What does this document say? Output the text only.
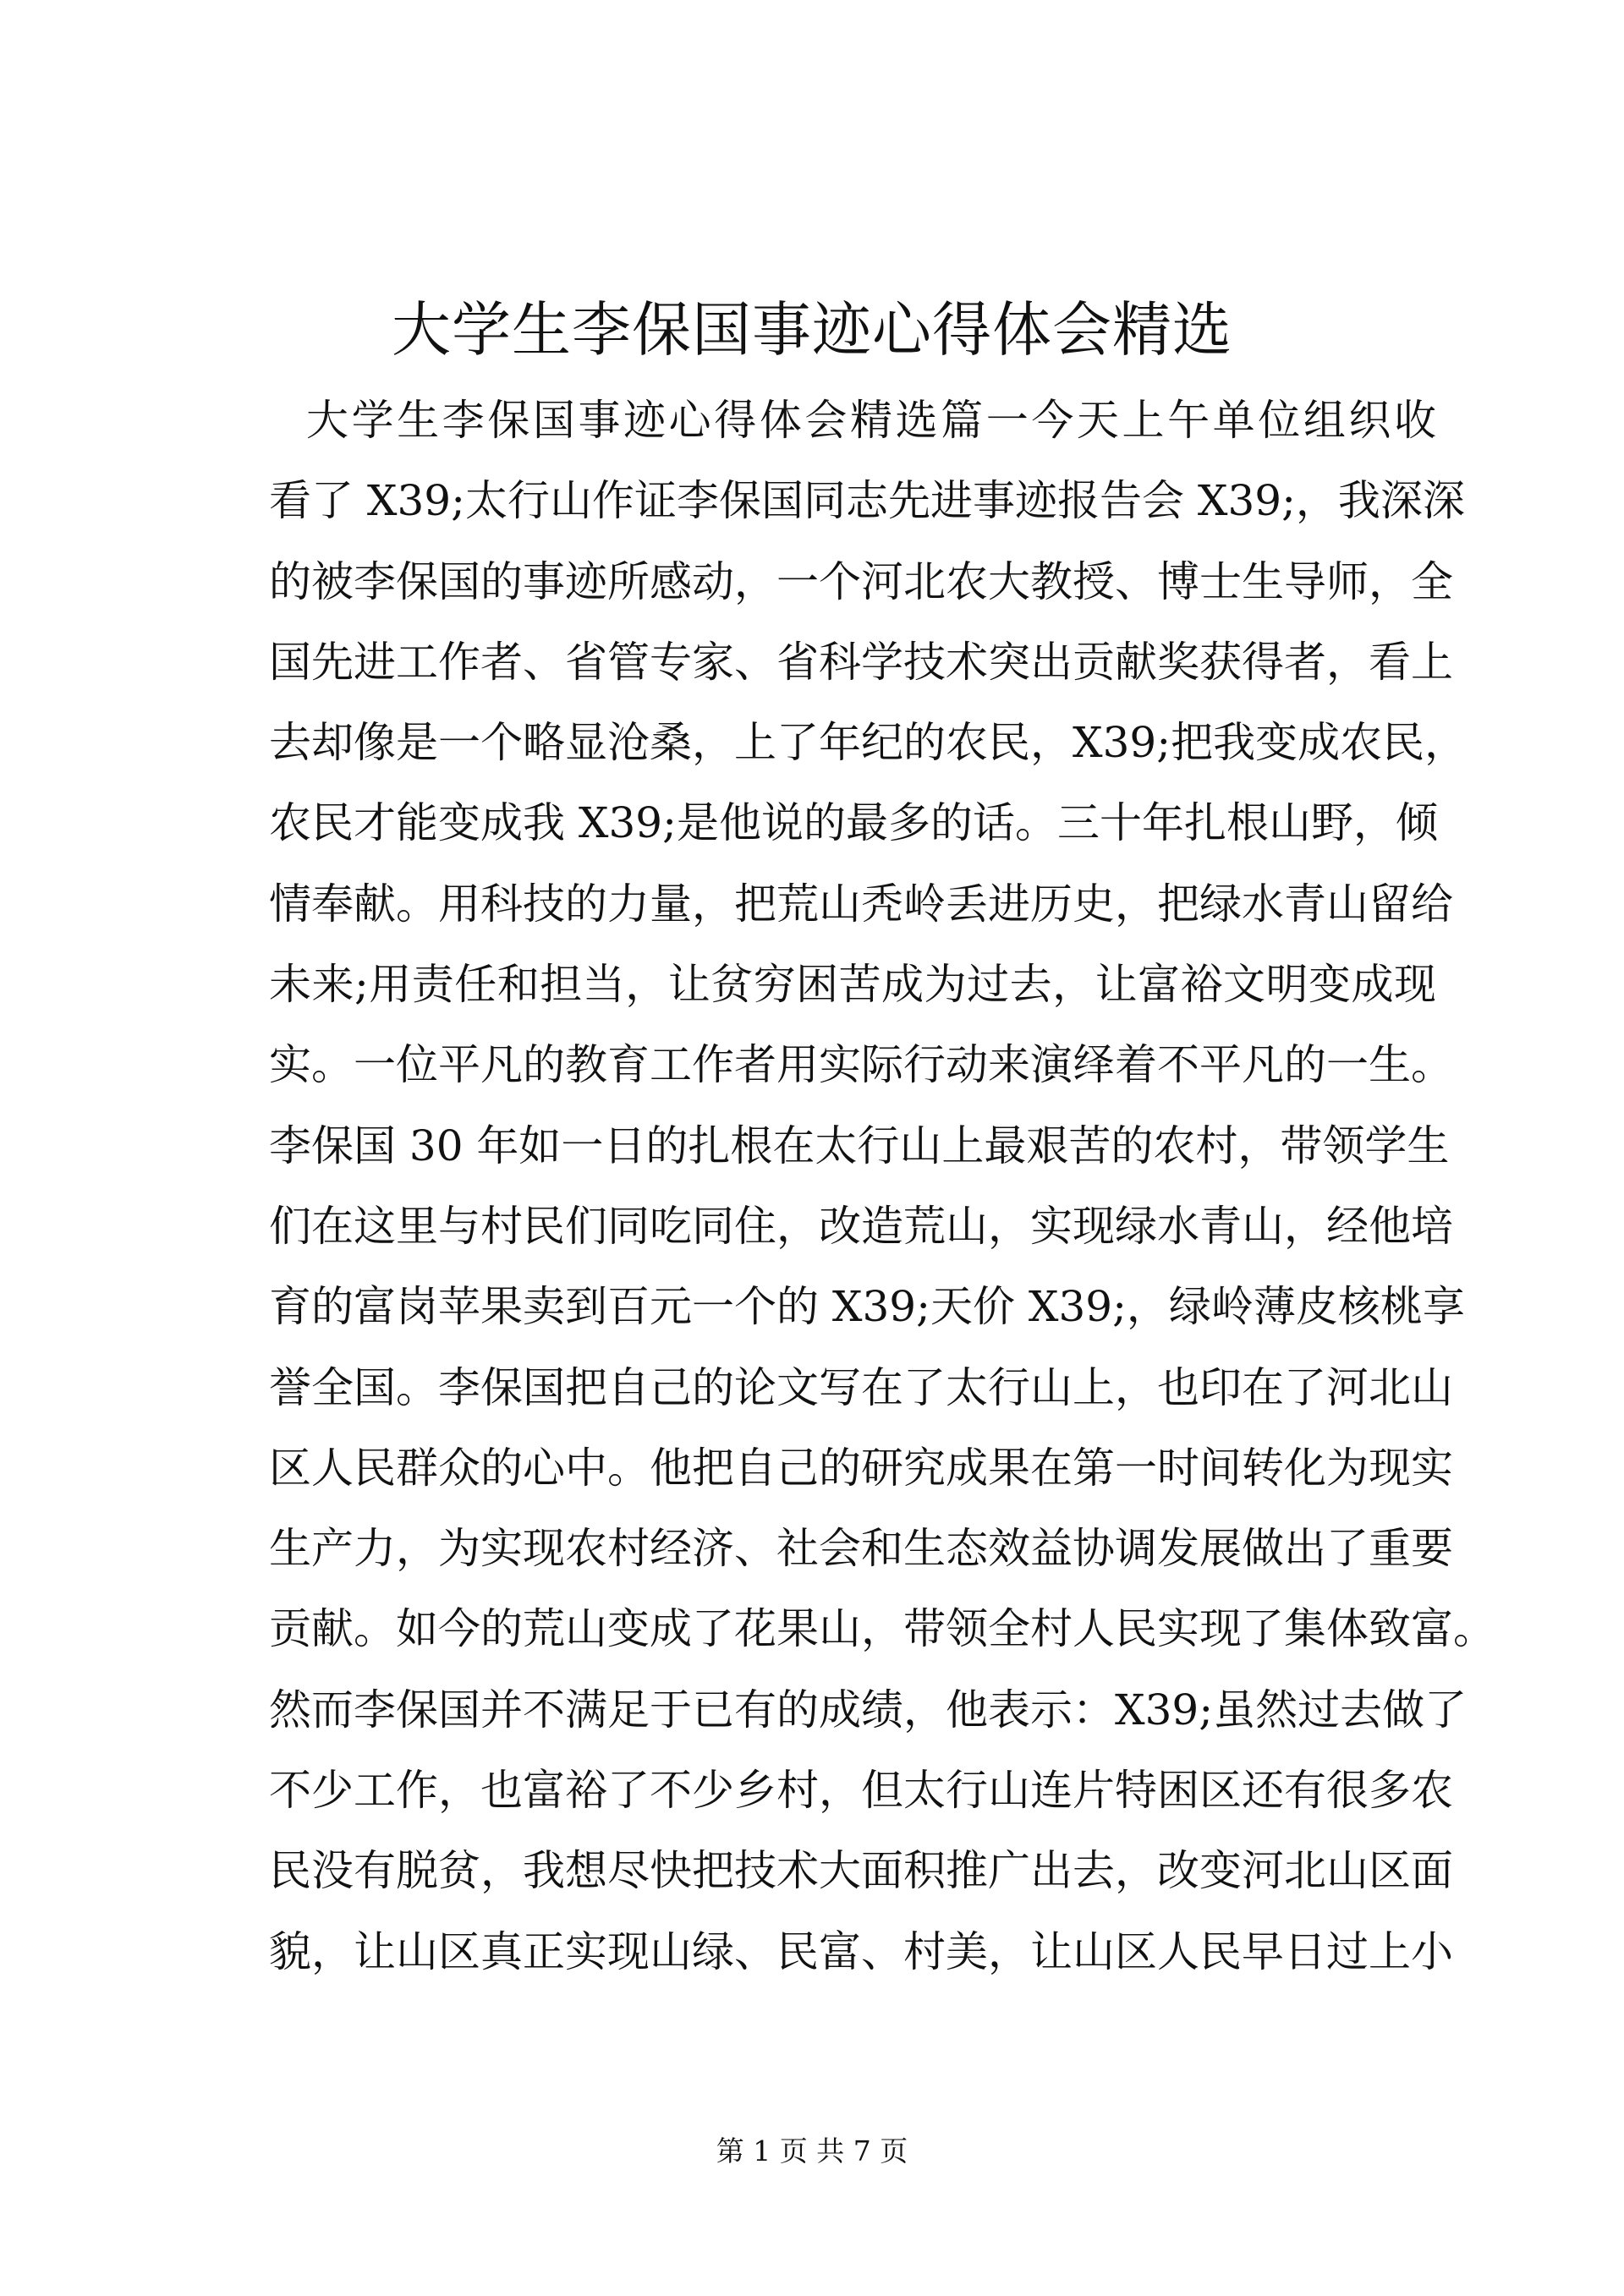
大学生李保国事迹心得体会精选
大学生李保国事迹心得体会精选篇一今天上午单位组织收
看了 X39;太行山作证李保国同志先进事迹报告会 X39;，我深深
的被李保国的事迹所感动，一个河北农大教授、博士生导师，全
国先进工作者、省管专家、省科学技术突出贡献奖获得者，看上
去却像是一个略显沧桑，上了年纪的农民，X39;把我变成农民，
农民才能变成我 X39;是他说的最多的话。三十年扎根山野，倾
情奉献。用科技的力量，把荒山秃岭丢进历史，把绿水青山留给
未来;用责任和担当，让贫穷困苦成为过去，让富裕文明变成现
实。一位平凡的教育工作者用实际行动来演绎着不平凡的一生。
李保国 30 年如一日的扎根在太行山上最艰苦的农村，带领学生
们在这里与村民们同吃同住，改造荒山，实现绿水青山，经他培
育的富岗苹果卖到百元一个的 X39;天价 X39;，绿岭薄皮核桃享
誉全国。李保国把自己的论文写在了太行山上，也印在了河北山
区人民群众的心中。他把自己的研究成果在第一时间转化为现实
生产力，为实现农村经济、社会和生态效益协调发展做出了重要
贡献。如今的荒山变成了花果山，带领全村人民实现了集体致富。
然而李保国并不满足于已有的成绩，他表示：X39;虽然过去做了
不少工作，也富裕了不少乡村，但太行山连片特困区还有很多农
民没有脱贫，我想尽快把技术大面积推广出去，改变河北山区面
貌，让山区真正实现山绿、民富、村美，让山区人民早日过上小
第 1 页 共 7 页
